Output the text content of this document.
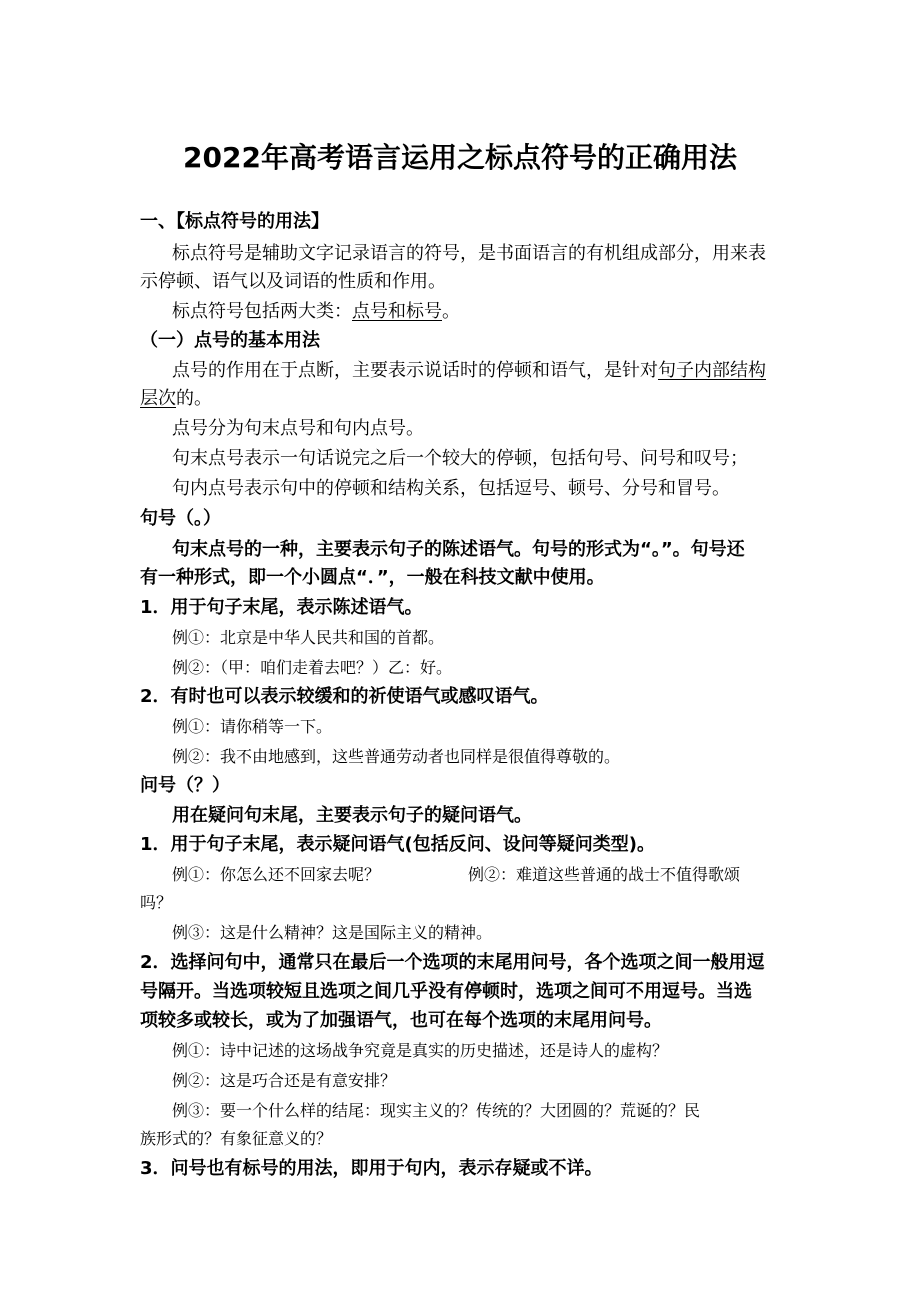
2022年高考语言运用之标点符号的正确用法
一、【标点符号的用法】
标点符号是辅助文字记录语言的符号，是书面语言的有机组成部分，用来表
示停顿、语气以及词语的性质和作用。
标点符号包括两大类：点号和标号。
（一）点号的基本用法
点号的作用在于点断，主要表示说话时的停顿和语气，是针对句子内部结构
层次的。
点号分为句末点号和句内点号。
句末点号表示一句话说完之后一个较大的停顿，包括句号、问号和叹号；
句内点号表示句中的停顿和结构关系，包括逗号、顿号、分号和冒号。
句号（。）
句末点号的一种，主要表示句子的陈述语气。句号的形式为“。”。句号还
有一种形式，即一个小圆点“．”，一般在科技文献中使用。
1．用于句子末尾，表示陈述语气。
例①：北京是中华人民共和国的首都。
例②：（甲：咱们走着去吧？）乙：好。
2．有时也可以表示较缓和的祈使语气或感叹语气。
例①：请你稍等一下。
例②：我不由地感到，这些普通劳动者也同样是很值得尊敬的。
问号（？）
用在疑问句末尾，主要表示句子的疑问语气。
1．用于句子末尾，表示疑问语气(包括反问、设问等疑问类型)。
例①：你怎么还不回家去呢？	例②：难道这些普通的战士不值得歌颂
吗？
例③：这是什么精神？这是国际主义的精神。
2．选择问句中，通常只在最后一个选项的末尾用问号，各个选项之间一般用逗
号隔开。当选项较短且选项之间几乎没有停顿时，选项之间可不用逗号。当选
项较多或较长，或为了加强语气，也可在每个选项的末尾用问号。
例①：诗中记述的这场战争究竟是真实的历史描述，还是诗人的虚构？
例②：这是巧合还是有意安排？
例③：要一个什么样的结尾：现实主义的？传统的？大团圆的？荒诞的？民
族形式的？有象征意义的？
3．问号也有标号的用法，即用于句内，表示存疑或不详。
